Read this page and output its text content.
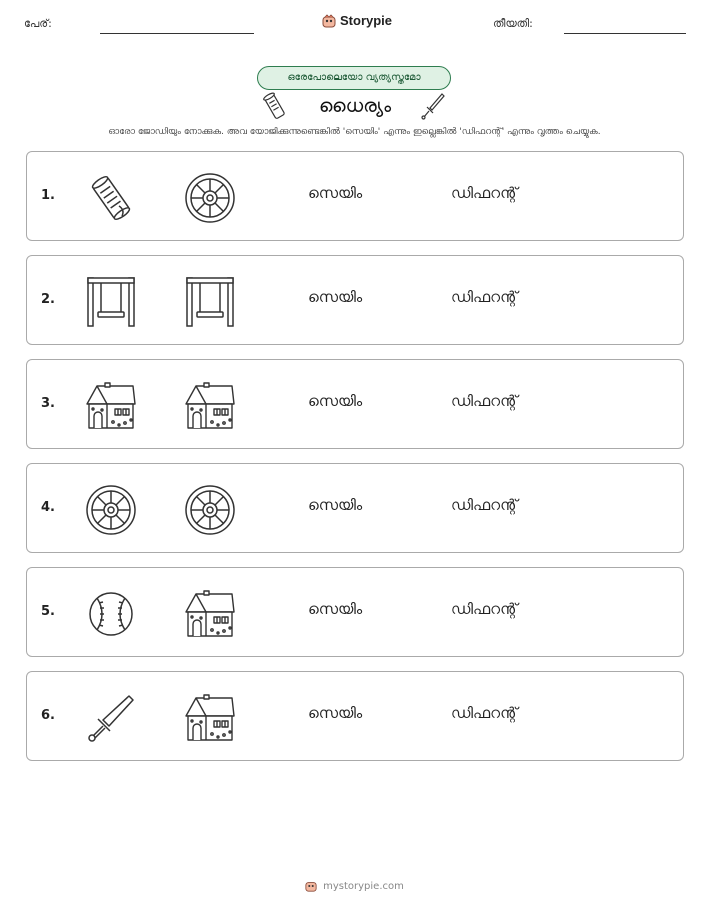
പേര്:	Storypie	തീയതി:
ഒരേപോലെയോ വ്യത്യസ്തമോ
ധൈര്യം
ഓരോ ജോഡിയും നോക്കുക. അവ യോജിക്കുന്നുണ്ടെങ്കിൽ 'സെയിം' എന്നും ഇല്ലെങ്കിൽ 'ഡിഫറന്റ്' എന്നും വൃത്തം ചെയ്യുക.
1.	സെയിം	ഡിഫറന്റ്
2.	സെയിം	ഡിഫറന്റ്
3.	സെയിം	ഡിഫറന്റ്
4.	സെയിം	ഡിഫറന്റ്
5.	സെയിം	ഡിഫറന്റ്
6.	സെയിം	ഡിഫറന്റ്
mystorypie.com
